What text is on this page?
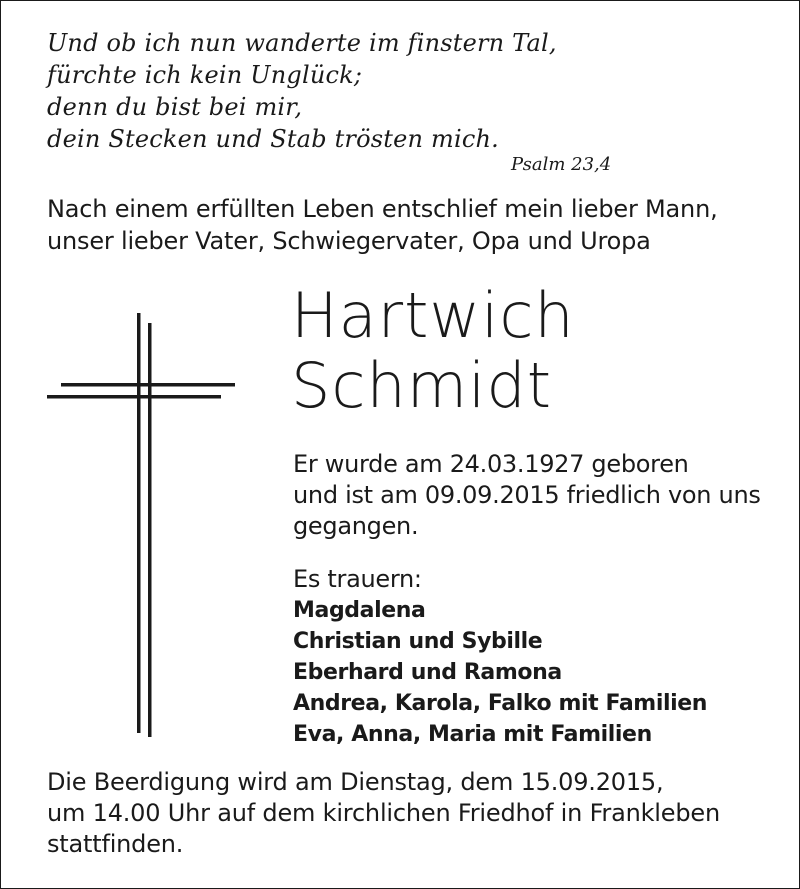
Und ob ich nun wanderte im finstern Tal,
fürchte ich kein Unglück;
denn du bist bei mir,
dein Stecken und Stab trösten mich.
Psalm 23,4
Nach einem erfüllten Leben entschlief mein lieber Mann,
unser lieber Vater, Schwiegervater, Opa und Uropa
Hartwich
Schmidt
Er wurde am 24.03.1927 geboren
und ist am 09.09.2015 friedlich von uns
gegangen.
Es trauern:
Magdalena
Christian und Sybille
Eberhard und Ramona
Andrea, Karola, Falko mit Familien
Eva, Anna, Maria mit Familien
Die Beerdigung wird am Dienstag, dem 15.09.2015,
um 14.00 Uhr auf dem kirchlichen Friedhof in Frankleben
stattfinden.
